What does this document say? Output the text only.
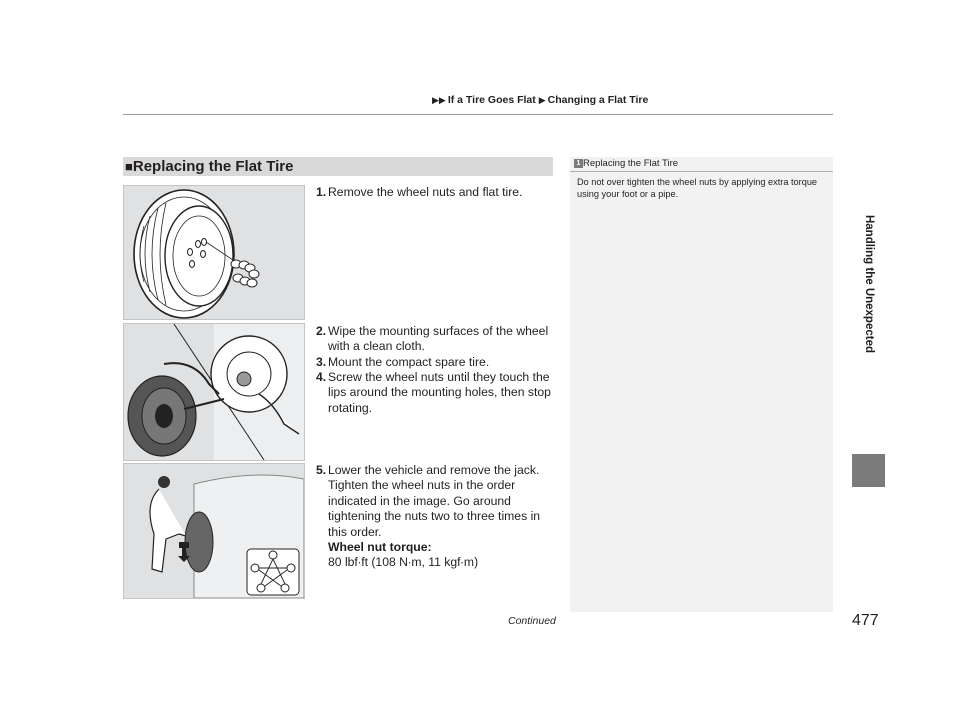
▶▶ If a Tire Goes Flat ▶ Changing a Flat Tire
Handling the Unexpected
■Replacing the Flat Tire
1. Remove the wheel nuts and flat tire.
2. Wipe the mounting surfaces of the wheel with a clean cloth.
3. Mount the compact spare tire.
4. Screw the wheel nuts until they touch the lips around the mounting holes, then stop rotating.
5. Lower the vehicle and remove the jack. Tighten the wheel nuts in the order indicated in the image. Go around tightening the nuts two to three times in this order.
Wheel nut torque:
80 lbf∙ft (108 N∙m, 11 kgf∙m)
1 Replacing the Flat Tire
Do not over tighten the wheel nuts by applying extra torque using your foot or a pipe.
Continued	477
